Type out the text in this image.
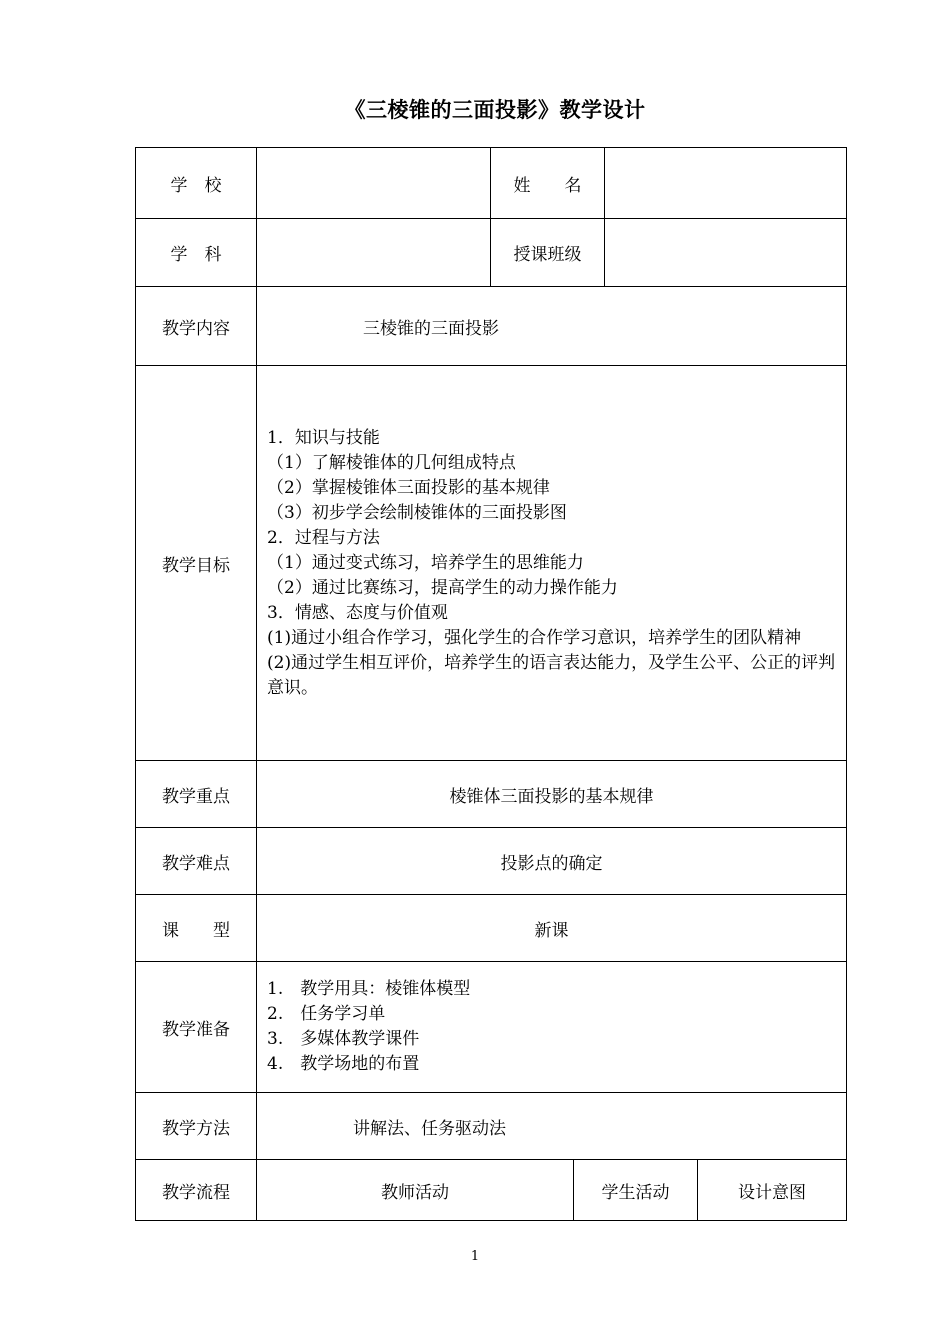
《三棱锥的三面投影》教学设计
学　校	姓　　名
学　科	授课班级
教学内容	三棱锥的三面投影
教学目标
1．知识与技能
（1）了解棱锥体的几何组成特点
（2）掌握棱锥体三面投影的基本规律
（3）初步学会绘制棱锥体的三面投影图
2．过程与方法
（1）通过变式练习，培养学生的思维能力
（2）通过比赛练习，提高学生的动力操作能力
3．情感、态度与价值观
(1)通过小组合作学习，强化学生的合作学习意识，培养学生的团队精神
(2)通过学生相互评价，培养学生的语言表达能力，及学生公平、公正的评判意识。
教学重点	棱锥体三面投影的基本规律
教学难点	投影点的确定
课　　型	新课
教学准备
1.　教学用具：棱锥体模型
2.　任务学习单
3.　多媒体教学课件
4.　教学场地的布置
教学方法	讲解法、任务驱动法
教学流程	教师活动	学生活动	设计意图
1
